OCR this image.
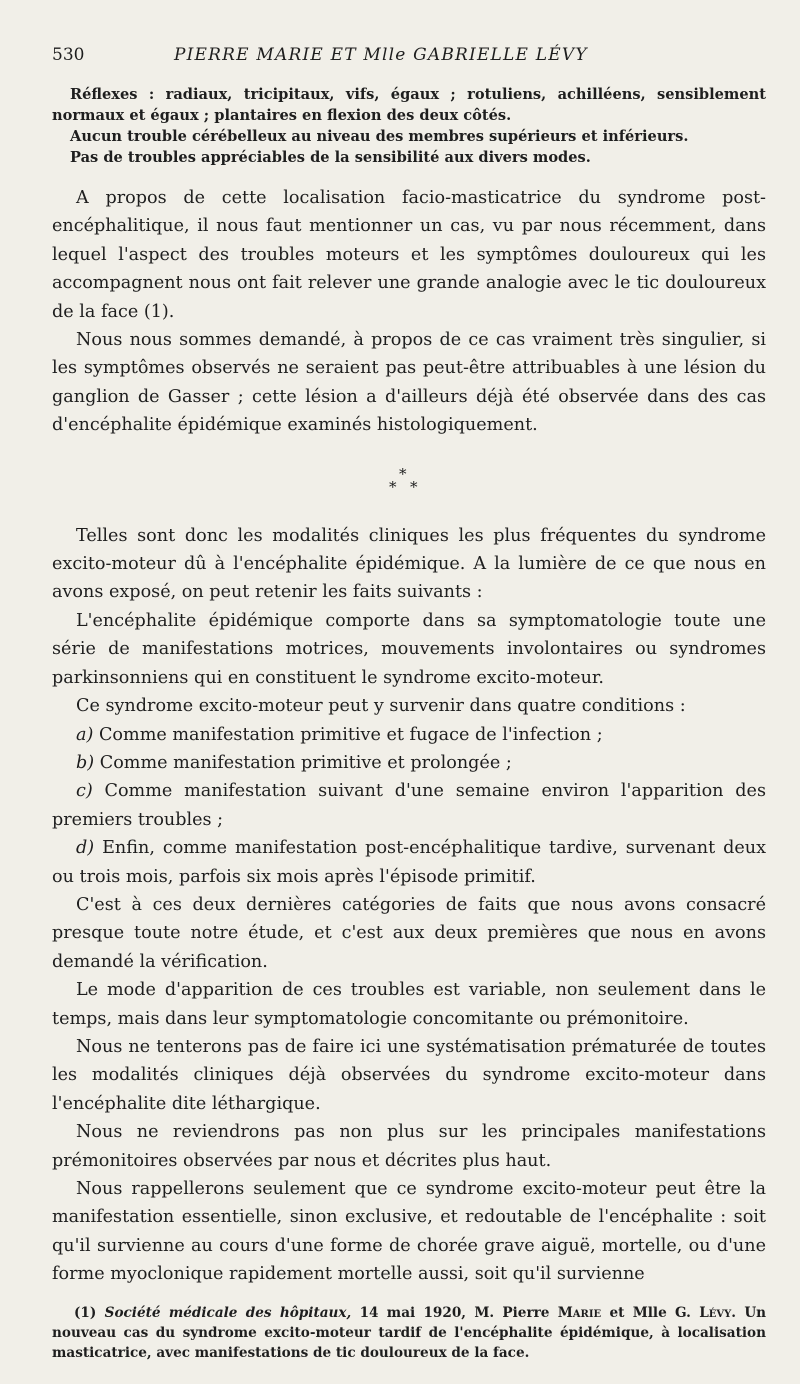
530	PIERRE MARIE ET Mlle GABRIELLE LÉVY

Réflexes : radiaux, tricipitaux, vifs, égaux ; rotuliens, achilléens, sensiblement normaux et égaux ; plantaires en flexion des deux côtés.

Aucun trouble cérébelleux au niveau des membres supérieurs et inférieurs.

Pas de troubles appréciables de la sensibilité aux divers modes.

A propos de cette localisation facio-masticatrice du syndrome post-encéphalitique, il nous faut mentionner un cas, vu par nous récemment, dans lequel l'aspect des troubles moteurs et les symptômes douloureux qui les accompagnent nous ont fait relever une grande analogie avec le tic douloureux de la face (1).

Nous nous sommes demandé, à propos de ce cas vraiment très singulier, si les symptômes observés ne seraient pas peut-être attribuables à une lésion du ganglion de Gasser ; cette lésion a d'ailleurs déjà été observée dans des cas d'encéphalite épidémique examinés histologiquement.

*
* *

Telles sont donc les modalités cliniques les plus fréquentes du syndrome excito-moteur dû à l'encéphalite épidémique. A la lumière de ce que nous en avons exposé, on peut retenir les faits suivants :

L'encéphalite épidémique comporte dans sa symptomatologie toute une série de manifestations motrices, mouvements involontaires ou syndromes parkinsonniens qui en constituent le syndrome excito-moteur.

Ce syndrome excito-moteur peut y survenir dans quatre conditions :

a) Comme manifestation primitive et fugace de l'infection ;

b) Comme manifestation primitive et prolongée ;

c) Comme manifestation suivant d'une semaine environ l'apparition des premiers troubles ;

d) Enfin, comme manifestation post-encéphalitique tardive, survenant deux ou trois mois, parfois six mois après l'épisode primitif.

C'est à ces deux dernières catégories de faits que nous avons consacré presque toute notre étude, et c'est aux deux premières que nous en avons demandé la vérification.

Le mode d'apparition de ces troubles est variable, non seulement dans le temps, mais dans leur symptomatologie concomitante ou prémonitoire.

Nous ne tenterons pas de faire ici une systématisation prématurée de toutes les modalités cliniques déjà observées du syndrome excito-moteur dans l'encéphalite dite léthargique.

Nous ne reviendrons pas non plus sur les principales manifestations prémonitoires observées par nous et décrites plus haut.

Nous rappellerons seulement que ce syndrome excito-moteur peut être la manifestation essentielle, sinon exclusive, et redoutable de l'encéphalite : soit qu'il survienne au cours d'une forme de chorée grave aiguë, mortelle, ou d'une forme myoclonique rapidement mortelle aussi, soit qu'il survienne

(1) Société médicale des hôpitaux, 14 mai 1920, M. Pierre Marie et Mlle G. Lévy. Un nouveau cas du syndrome excito-moteur tardif de l'encéphalite épidémique, à localisation masticatrice, avec manifestations de tic douloureux de la face.
